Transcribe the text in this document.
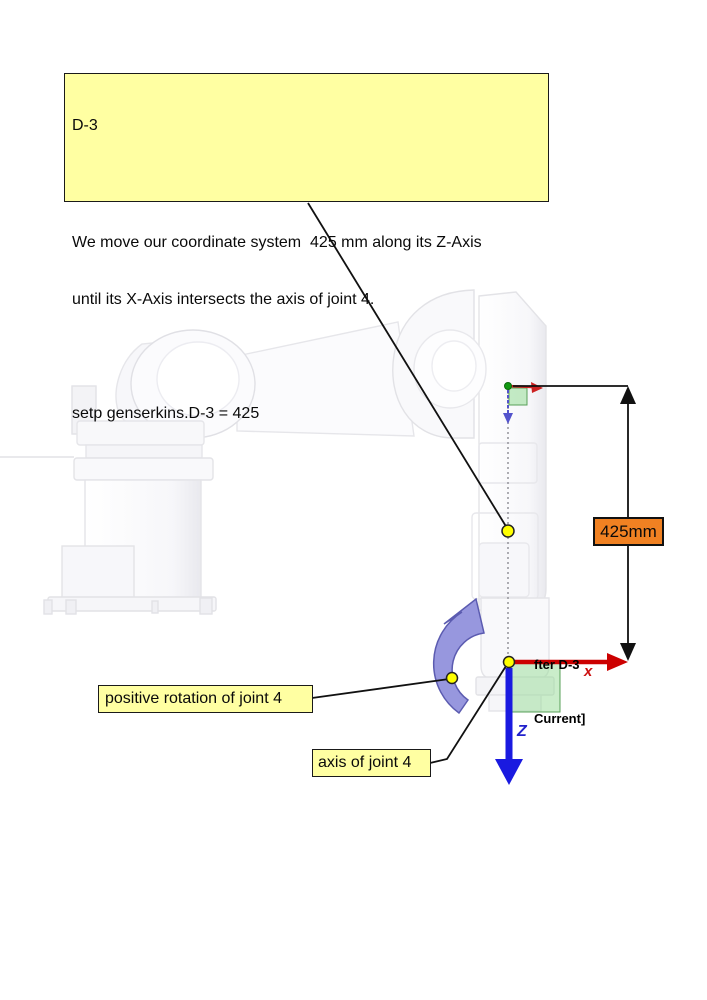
D-3

We move our coordinate system  425 mm along its Z-Axis

until its X-Axis intersects the axis of joint 4.

setp genserkins.D-3 = 425

425mm
positive rotation of joint 4
axis of joint 4

fter D-3

Current]

x
Z
